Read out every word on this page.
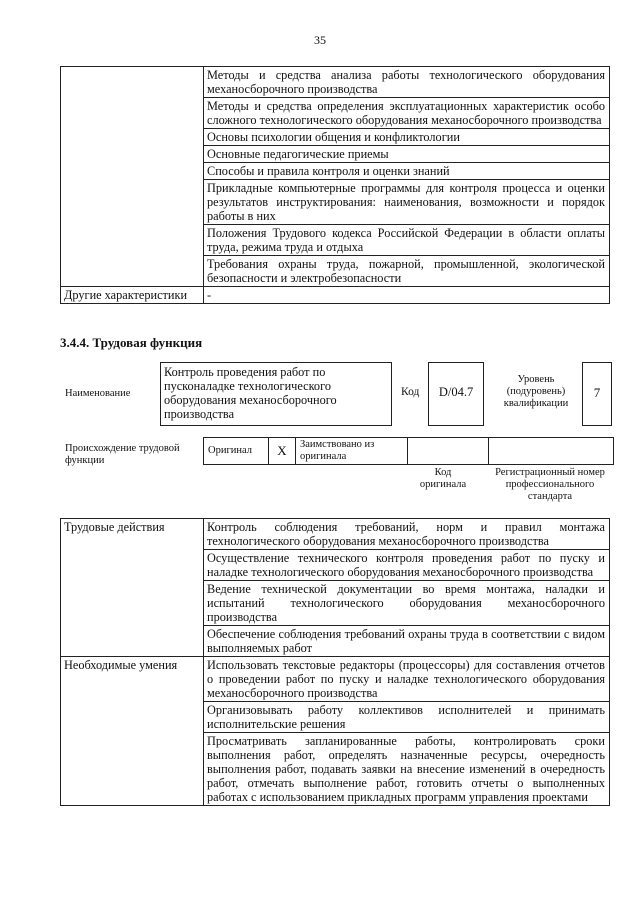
35
	Методы и средства анализа работы технологического оборудования механосборочного производства
	Методы и средства определения эксплуатационных характеристик особо сложного технологического оборудования механосборочного производства
	Основы психологии общения и конфликтологии
	Основные педагогические приемы
	Способы и правила контроля и оценки знаний
	Прикладные компьютерные программы для контроля процесса и оценки результатов инструктирования: наименования, возможности и порядок работы в них
	Положения Трудового кодекса Российской Федерации в области оплаты труда, режима труда и отдыха
	Требования охраны труда, пожарной, промышленной, экологической безопасности и электробезопасности
Другие характеристики	-
3.4.4. Трудовая функция
Наименование
Контроль проведения работ по пусконаладке технологического оборудования механосборочного производства
Код	D/04.7
Уровень (подуровень) квалификации
7
Происхождение трудовой функции
Оригинал	X	Заимствовано из оригинала		
Код оригинала
Регистрационный номер профессионального стандарта
Трудовые действия	Контроль соблюдения требований, норм и правил монтажа технологического оборудования механосборочного производства
	Осуществление технического контроля проведения работ по пуску и наладке технологического оборудования механосборочного производства
	Ведение технической документации во время монтажа, наладки и испытаний технологического оборудования механосборочного производства
	Обеспечение соблюдения требований охраны труда в соответствии с видом выполняемых работ
Необходимые умения	Использовать текстовые редакторы (процессоры) для составления отчетов о проведении работ по пуску и наладке технологического оборудования механосборочного производства
	Организовывать работу коллективов исполнителей и принимать исполнительские решения
	Просматривать запланированные работы, контролировать сроки выполнения работ, определять назначенные ресурсы, очередность выполнения работ, подавать заявки на внесение изменений в очередность работ, отмечать выполнение работ, готовить отчеты о выполненных работах с использованием прикладных программ управления проектами
